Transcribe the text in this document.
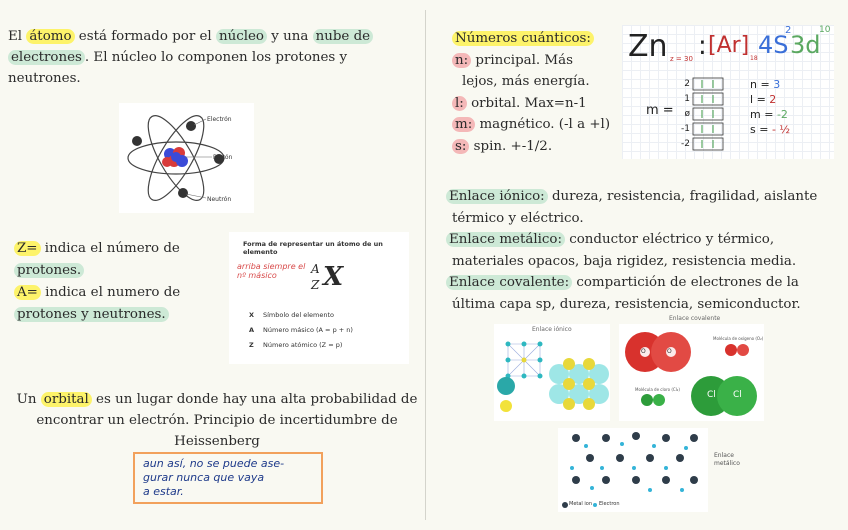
El átomo está formado por el núcleo y una nube de electrones . El núcleo lo componen los protones y neutrones.
Electrón
Protón
Neutrón
Z= indica el número de
protones.
A= indica el numero de
protones y neutrones.
Forma de representar un átomo de un elemento
arriba siempre el nº másico	A
Z X
X Símbolo del elemento
A Número másico (A = p + n)
Z Número atómico (Z = p)
Un orbital es un lugar donde hay una alta probabilidad de
encontrar un electrón. Principio de incertidumbre de
Heissenberg
aun así, no se puede ase-
gurar nunca que vaya
a estar.
Números cuánticos:
n: principal. Más
lejos, más energía.
l: orbital. Max=n-1
m: magnético. (-l a +l)
s: spin. +-1/2.
Zn z = 30 : [Ar]
18 4S
2
3d
10
m =
2
1
ø
-1
-2
n = 3
l = 2
m = -2
s = - ½
Enlace iónico: dureza, resistencia, fragilidad, aislante
térmico y eléctrico.
Enlace metálico: conductor eléctrico y térmico,
materiales opacos, baja rigidez, resistencia media.
Enlace covalente: compartición de electrones de la
última capa sp, dureza, resistencia, semiconductor.
Enlace iónico
Enlace covalente
O	O
Cl Cl
Molécula de oxígeno (O₂)
Molécula de cloro (Cl₂)
Metal ion Electron
Enlace
metálico
